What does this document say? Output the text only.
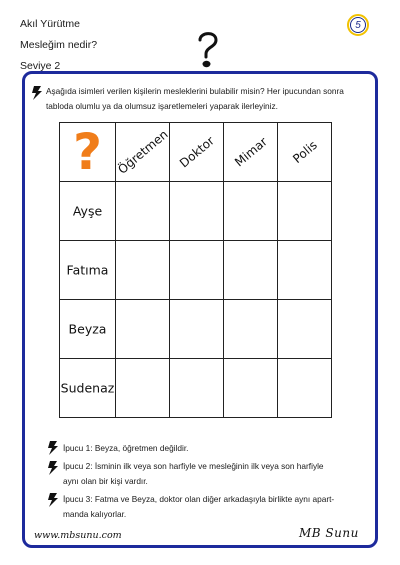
Akıl Yürütme
Mesleğim nedir?
Seviye 2
5
Aşağıda isimleri verilen kişilerin mesleklerini bulabilir misin? Her ipucundan sonra tabloda olumlu ya da olumsuz işaretlemeleri yaparak ilerleyiniz.
?	Öğretmen	Doktor	Mimar	Polis

Ayşe				

Fatıma				

Beyza				

Sudenaz				

İpucu 1: Beyza, öğretmen değildir.
İpucu 2: İsminin ilk veya son harfiyle ve mesleğinin ilk veya son harfiyle
aynı olan bir kişi vardır.
İpucu 3: Fatma ve Beyza, doktor olan diğer arkadaşıyla birlikte aynı apart-
manda kalıyorlar.
www.mbsunu.com	MB Sunu
